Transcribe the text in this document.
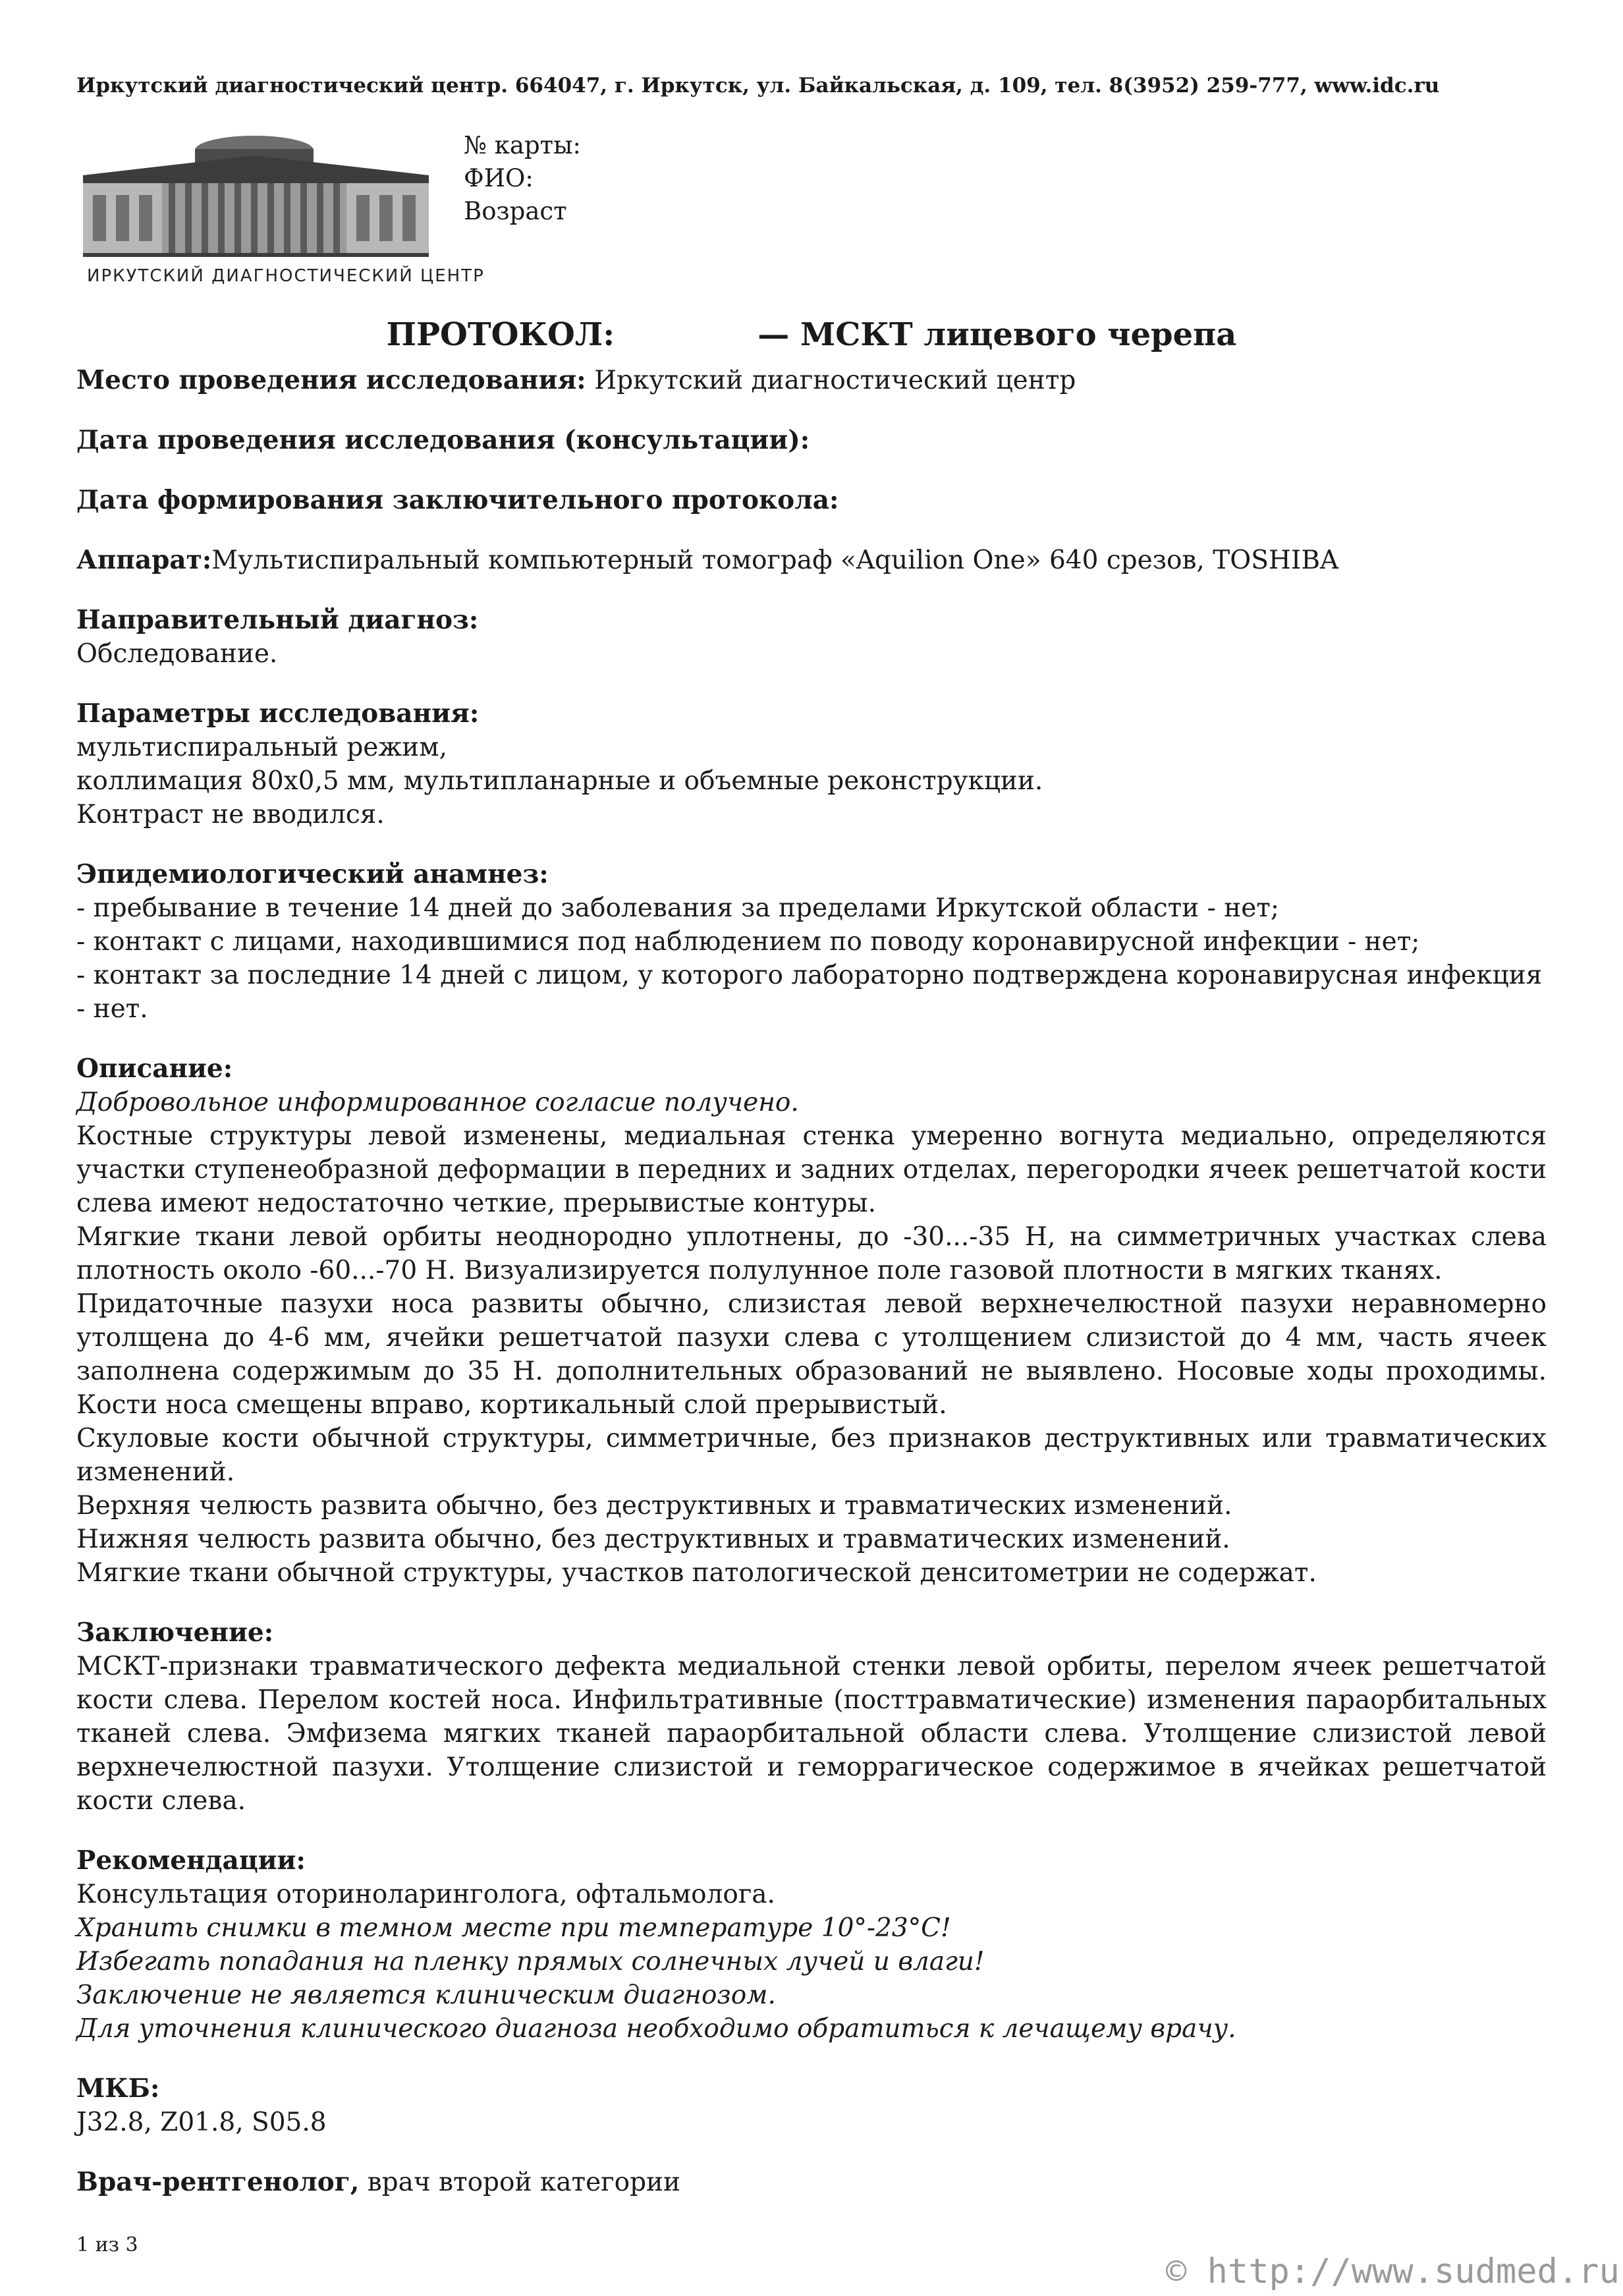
Иркутский диагностический центр. 664047, г. Иркутск, ул. Байкальская, д. 109, тел. 8(3952) 259-777, www.idc.ru
ИРКУТСКИЙ ДИАГНОСТИЧЕСКИЙ ЦЕНТР
№ карты:
ФИО:
Возраст
ПРОТОКОЛ:             — МСКТ лицевого черепа

Место проведения исследования: Иркутский диагностический центр

Дата проведения исследования (консультации):

Дата формирования заключительного протокола:

Аппарат:Мультиспиральный компьютерный томограф «Aquilion One» 640 срезов, TOSHIBA

Направительный диагноз:

Обследование.

Параметры исследования:

мультиспиральный режим,

коллимация 80х0,5 мм, мультипланарные и объемные реконструкции.

Контраст не вводился.

Эпидемиологический анамнез:

- пребывание в течение 14 дней до заболевания за пределами Иркутской области - нет;

- контакт с лицами, находившимися под наблюдением по поводу коронавирусной инфекции - нет;

- контакт за последние 14 дней с лицом, у которого лабораторно подтверждена коронавирусная инфекция

- нет.

Описание:

Добровольное информированное согласие получено.

Костные структуры левой изменены, медиальная стенка умеренно вогнута медиально, определяются участки ступенеобразной деформации в передних и задних отделах, перегородки ячеек решетчатой кости слева имеют недостаточно четкие, прерывистые контуры.

Мягкие ткани левой орбиты неоднородно уплотнены, до -30...-35 Н, на симметричных участках слева плотность около -60...-70 Н. Визуализируется полулунное поле газовой плотности в мягких тканях.

Придаточные пазухи носа развиты обычно, слизистая левой верхнечелюстной пазухи неравномерно утолщена до 4-6 мм, ячейки решетчатой пазухи слева с утолщением слизистой до 4 мм, часть ячеек заполнена содержимым до 35 Н. дополнительных образований не выявлено. Носовые ходы проходимы. Кости носа смещены вправо, кортикальный слой прерывистый.

Скуловые кости обычной структуры, симметричные, без признаков деструктивных или травматических изменений.

Верхняя челюсть развита обычно, без деструктивных и травматических изменений.

Нижняя челюсть развита обычно, без деструктивных и травматических изменений.

Мягкие ткани обычной структуры, участков патологической денситометрии не содержат.

Заключение:

МСКТ-признаки травматического дефекта медиальной стенки левой орбиты, перелом ячеек решетчатой кости слева. Перелом костей носа. Инфильтративные (посттравматические) изменения параорбитальных тканей слева. Эмфизема мягких тканей параорбитальной области слева. Утолщение слизистой левой верхнечелюстной пазухи. Утолщение слизистой и геморрагическое содержимое в ячейках решетчатой кости слева.

Рекомендации:

Консультация оториноларинголога, офтальмолога.

Хранить снимки в темном месте при температуре 10°-23°С!

Избегать попадания на пленку прямых солнечных лучей и влаги!

Заключение не является клиническим диагнозом.

Для уточнения клинического диагноза необходимо обратиться к лечащему врачу.

МКБ:

J32.8, Z01.8, S05.8

Врач-рентгенолог, врач второй категории

1 из 3
© http://www.sudmed.ru
